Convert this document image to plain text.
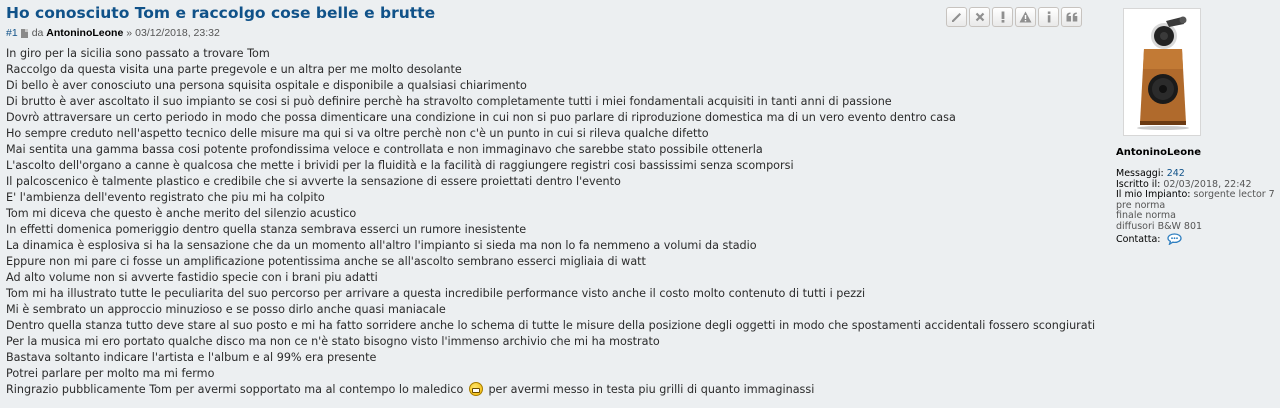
Ho conosciuto Tom e raccolgo cose belle e brutte
#1 da
AntoninoLeone » 03/12/2018, 23:32
In giro per la sicilia sono passato a trovare Tom
Raccolgo da questa visita una parte pregevole e un altra per me molto desolante
Di bello è aver conosciuto una persona squisita ospitale e disponibile a qualsiasi chiarimento
Di brutto è aver ascoltato il suo impianto se cosi si può definire perchè ha stravolto completamente tutti i miei fondamentali acquisiti in tanti anni di passione
Dovrò attraversare un certo periodo in modo che possa dimenticare una condizione in cui non si puo parlare di riproduzione domestica ma di un vero evento dentro casa
Ho sempre creduto nell'aspetto tecnico delle misure ma qui si va oltre perchè non c'è un punto in cui si rileva qualche difetto
Mai sentita una gamma bassa cosi potente profondissima veloce e controllata e non immaginavo che sarebbe stato possibile ottenerla
L'ascolto dell'organo a canne è qualcosa che mette i brividi per la fluidità e la facilità di raggiungere registri cosi bassissimi senza scomporsi
Il palcoscenico è talmente plastico e credibile che si avverte la sensazione di essere proiettati dentro l'evento
E' l'ambienza dell'evento registrato che piu mi ha colpito
Tom mi diceva che questo è anche merito del silenzio acustico
In effetti domenica pomeriggio dentro quella stanza sembrava esserci un rumore inesistente
La dinamica è esplosiva si ha la sensazione che da un momento all'altro l'impianto si sieda ma non lo fa nemmeno a volumi da stadio
Eppure non mi pare ci fosse un amplificazione potentissima anche se all'ascolto sembrano esserci migliaia di watt
Ad alto volume non si avverte fastidio specie con i brani piu adatti
Tom mi ha illustrato tutte le peculiarita del suo percorso per arrivare a questa incredibile performance visto anche il costo molto contenuto di tutti i pezzi
Mi è sembrato un approccio minuzioso e se posso dirlo anche quasi maniacale
Dentro quella stanza tutto deve stare al suo posto e mi ha fatto sorridere anche lo schema di tutte le misure della posizione degli oggetti in modo che spostamenti accidentali fossero scongiurati
Per la musica mi ero portato qualche disco ma non ce n'è stato bisogno visto l'immenso archivio che mi ha mostrato
Bastava soltanto indicare l'artista e l'album e al 99% era presente
Potrei parlare per molto ma mi fermo
Ringrazio pubblicamente Tom per avermi sopportato ma al contempo lo maledico per avermi messo in testa piu grilli di quanto immaginassi
AntoninoLeone
Messaggi: 242
Iscritto il: 02/03/2018, 22:42
Il mio Impianto: sorgente lector 7
pre norma
finale norma
diffusori B&W 801
Contatta:
